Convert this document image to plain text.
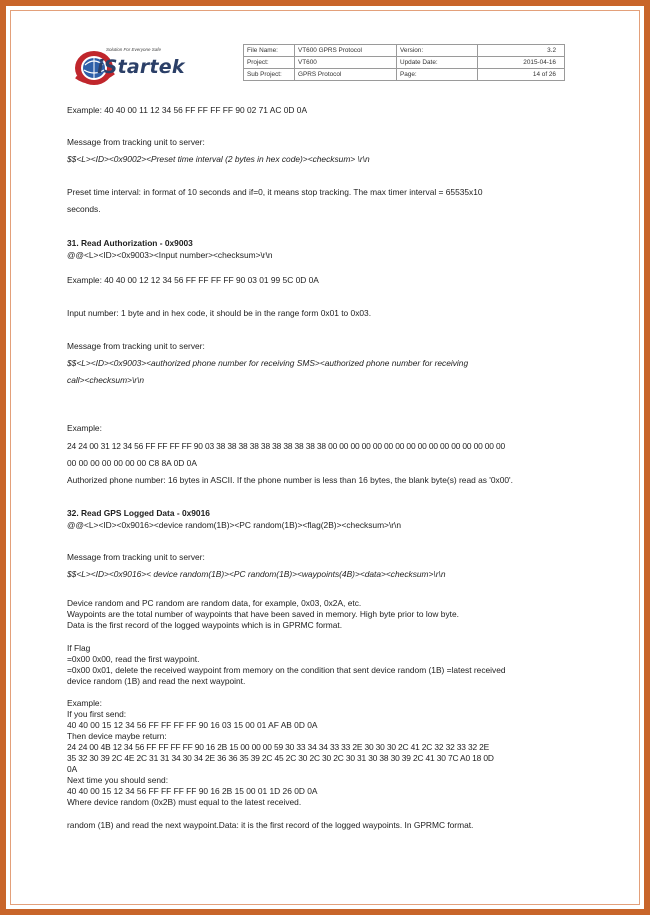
Solution For Everyone Safe
iStartek
File Name:	VT600 GPRS Protocol	Version:	3.2
Project:	VT600	Update Date:	2015-04-16
Sub Project:	GPRS Protocol	Page:	14 of 26

Example: 40 40 00 11 12 34 56 FF FF FF FF 90 02 71 AC 0D 0A

Message from tracking unit to server:

$$<L><ID><0x9002><Preset time interval (2 bytes in hex code)><checksum> \r\n

Preset time interval: in format of 10 seconds and if=0, it means stop tracking. The max timer interval = 65535x10

seconds.

31. Read Authorization - 0x9003

@@<L><ID><0x9003><Input number><checksum>\r\n

Example: 40 40 00 12 12 34 56 FF FF FF FF 90 03 01 99 5C 0D 0A

Input number: 1 byte and in hex code, it should be in the range form 0x01 to 0x03.

Message from tracking unit to server:

$$<L><ID><0x9003><authorized phone number for receiving SMS><authorized phone number for receiving

call><checksum>\r\n

Example:

24 24 00 31 12 34 56 FF FF FF FF 90 03 38 38 38 38 38 38 38 38 38 38 00 00 00 00 00 00 00 00 00 00 00 00 00 00 00 00

00 00 00 00 00 00 00 C8 8A 0D 0A

Authorized phone number: 16 bytes in ASCII. If the phone number is less than 16 bytes, the blank byte(s) read as '0x00'.

32. Read GPS Logged Data - 0x9016

@@<L><ID><0x9016><device random(1B)><PC random(1B)><flag(2B)><checksum>\r\n

Message from tracking unit to server:

$$<L><ID><0x9016>< device random(1B)><PC random(1B)><waypoints(4B)><data><checksum>\r\n

Device random and PC random are random data, for example, 0x03, 0x2A, etc.

Waypoints are the total number of waypoints that have been saved in memory. High byte prior to low byte.

Data is the first record of the logged waypoints which is in GPRMC format.

If Flag

=0x00 0x00, read the first waypoint.

=0x00 0x01, delete the received waypoint from memory on the condition that sent device random (1B) =latest received

device random (1B) and read the next waypoint.

Example:

If you first send:

40 40 00 15 12 34 56 FF FF FF FF 90 16 03 15 00 01 AF AB 0D 0A

Then device maybe return:

24 24 00 4B 12 34 56 FF FF FF FF 90 16 2B 15 00 00 00 59 30 33 34 34 33 33 2E 30 30 30 2C 41 2C 32 32 33 32 2E

35 32 30 39 2C 4E 2C 31 31 34 30 34 2E 36 36 35 39 2C 45 2C 30 2C 30 2C 30 31 30 38 30 39 2C 41 30 7C A0 18 0D

0A

Next time you should send:

40 40 00 15 12 34 56 FF FF FF FF 90 16 2B 15 00 01 1D 26 0D 0A

Where device random (0x2B) must equal to the latest received.

random (1B) and read the next waypoint.Data: it is the first record of the logged waypoints. In GPRMC format.
